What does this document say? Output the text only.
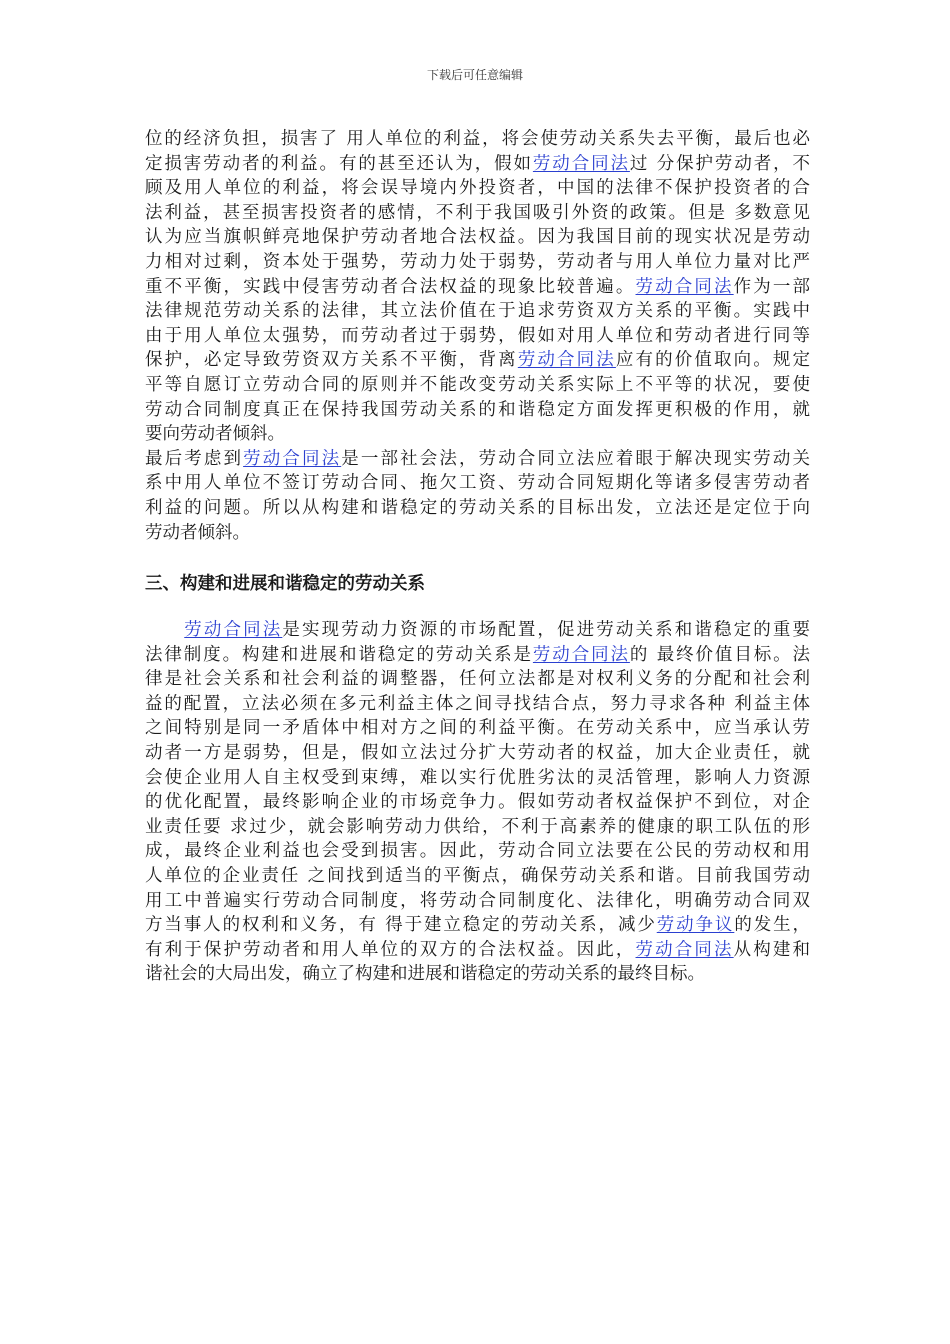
下载后可任意编辑
位的经济负担，损害了 用人单位的利益，将会使劳动关系失去平衡，最后也必
定损害劳动者的利益。有的甚至还认为，假如劳动合同法过 分保护劳动者，不
顾及用人单位的利益，将会误导境内外投资者，中国的法律不保护投资者的合
法利益，甚至损害投资者的感情，不利于我国吸引外资的政策。但是 多数意见
认为应当旗帜鲜亮地保护劳动者地合法权益。因为我国目前的现实状况是劳动
力相对过剩，资本处于强势，劳动力处于弱势，劳动者与用人单位力量对比严
重不平衡，实践中侵害劳动者合法权益的现象比较普遍。劳动合同法作为一部
法律规范劳动关系的法律，其立法价值在于追求劳资双方关系的平衡。实践中
由于用人单位太强势，而劳动者过于弱势，假如对用人单位和劳动者进行同等
保护，必定导致劳资双方关系不平衡，背离劳动合同法应有的价值取向。规定
平等自愿订立劳动合同的原则并不能改变劳动关系实际上不平等的状况，要使
劳动合同制度真正在保持我国劳动关系的和谐稳定方面发挥更积极的作用，就
要向劳动者倾斜。
最后考虑到劳动合同法是一部社会法，劳动合同立法应着眼于解决现实劳动关
系中用人单位不签订劳动合同、拖欠工资、劳动合同短期化等诸多侵害劳动者
利益的问题。所以从构建和谐稳定的劳动关系的目标出发，立法还是定位于向
劳动者倾斜。
三、构建和进展和谐稳定的劳动关系
　　劳动合同法是实现劳动力资源的市场配置，促进劳动关系和谐稳定的重要
法律制度。构建和进展和谐稳定的劳动关系是劳动合同法的 最终价值目标。法
律是社会关系和社会利益的调整器，任何立法都是对权利义务的分配和社会利
益的配置，立法必须在多元利益主体之间寻找结合点，努力寻求各种 利益主体
之间特别是同一矛盾体中相对方之间的利益平衡。在劳动关系中，应当承认劳
动者一方是弱势，但是，假如立法过分扩大劳动者的权益，加大企业责任，就
会使企业用人自主权受到束缚，难以实行优胜劣汰的灵活管理，影响人力资源
的优化配置，最终影响企业的市场竞争力。假如劳动者权益保护不到位，对企
业责任要 求过少，就会影响劳动力供给，不利于高素养的健康的职工队伍的形
成，最终企业利益也会受到损害。因此，劳动合同立法要在公民的劳动权和用
人单位的企业责任 之间找到适当的平衡点，确保劳动关系和谐。目前我国劳动
用工中普遍实行劳动合同制度，将劳动合同制度化、法律化，明确劳动合同双
方当事人的权利和义务，有 得于建立稳定的劳动关系，减少劳动争议的发生，
有利于保护劳动者和用人单位的双方的合法权益。因此，劳动合同法从构建和
谐社会的大局出发，确立了构建和进展和谐稳定的劳动关系的最终目标。
